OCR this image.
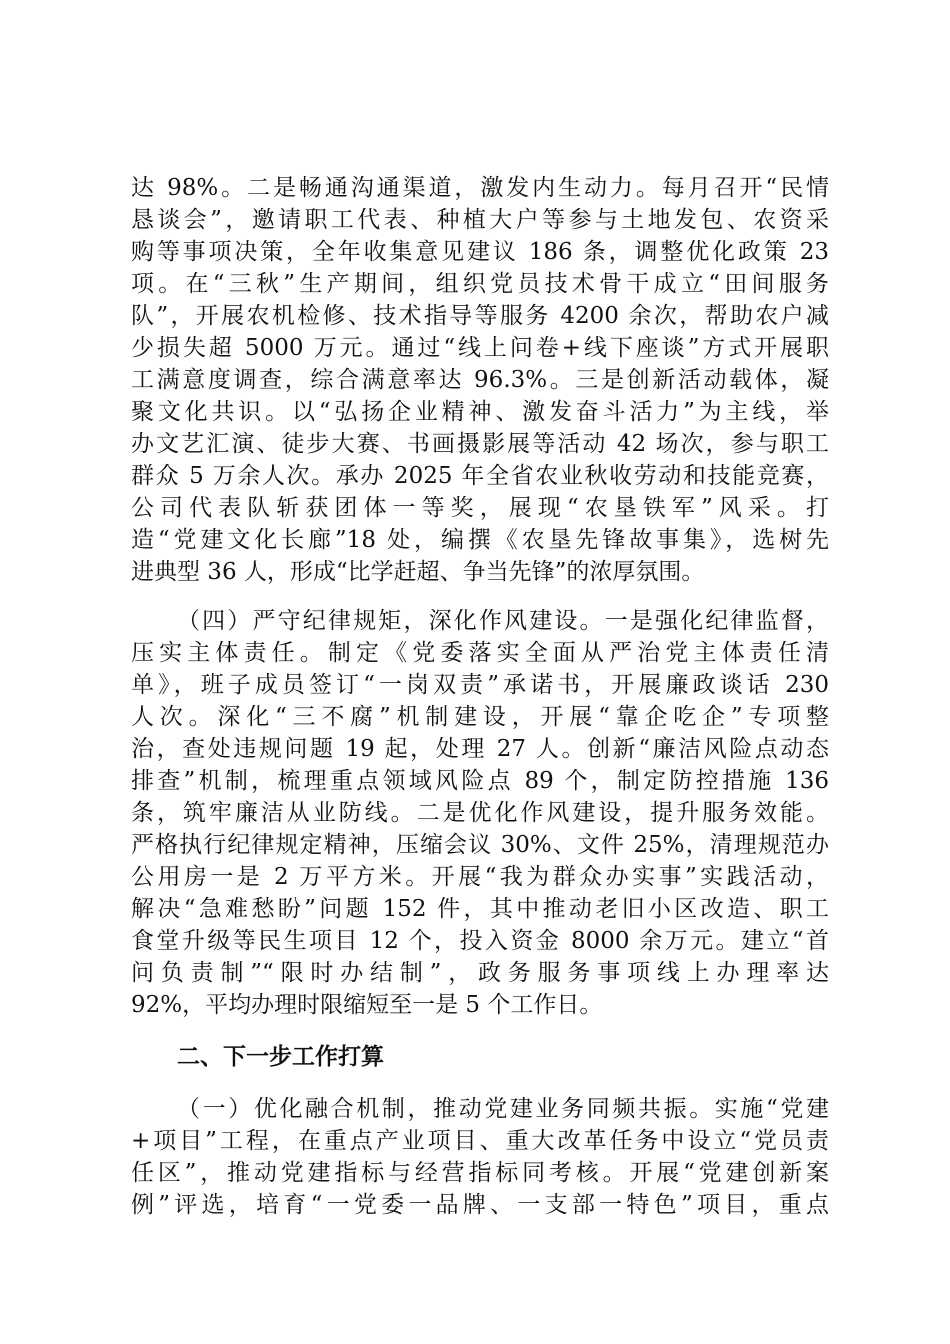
达 98%。二是畅通沟通渠道，激发内生动力。每月召开“民情
恳谈会”，邀请职工代表、种植大户等参与土地发包、农资采
购等事项决策，全年收集意见建议 186 条，调整优化政策 23
项。在“三秋”生产期间，组织党员技术骨干成立“田间服务
队”，开展农机检修、技术指导等服务 4200 余次，帮助农户减
少损失超 5000 万元。通过“线上问卷+线下座谈”方式开展职
工满意度调查，综合满意率达 96.3%。三是创新活动载体，凝
聚文化共识。以“弘扬企业精神、激发奋斗活力”为主线，举
办文艺汇演、徒步大赛、书画摄影展等活动 42 场次，参与职工
群众 5 万余人次。承办 2025 年全省农业秋收劳动和技能竞赛，
公司代表队斩获团体一等奖，展现“农垦铁军”风采。打
造“党建文化长廊”18 处，编撰《农垦先锋故事集》，选树先
进典型 36 人，形成“比学赶超、争当先锋”的浓厚氛围。
（四）严守纪律规矩，深化作风建设。一是强化纪律监督，
压实主体责任。制定《党委落实全面从严治党主体责任清
单》，班子成员签订“一岗双责”承诺书，开展廉政谈话 230
人次。深化“三不腐”机制建设，开展“靠企吃企”专项整
治，查处违规问题 19 起，处理 27 人。创新“廉洁风险点动态
排查”机制，梳理重点领域风险点 89 个，制定防控措施 136
条，筑牢廉洁从业防线。二是优化作风建设，提升服务效能。
严格执行纪律规定精神，压缩会议 30%、文件 25%，清理规范办
公用房一是 2 万平方米。开展“我为群众办实事”实践活动，
解决“急难愁盼”问题 152 件，其中推动老旧小区改造、职工
食堂升级等民生项目 12 个，投入资金 8000 余万元。建立“首
问负责制”“限时办结制”，政务服务事项线上办理率达
92%，平均办理时限缩短至一是 5 个工作日。
二、下一步工作打算
（一）优化融合机制，推动党建业务同频共振。实施“党建
+项目”工程，在重点产业项目、重大改革任务中设立“党员责
任区”，推动党建指标与经营指标同考核。开展“党建创新案
例”评选，培育“一党委一品牌、一支部一特色”项目，重点
